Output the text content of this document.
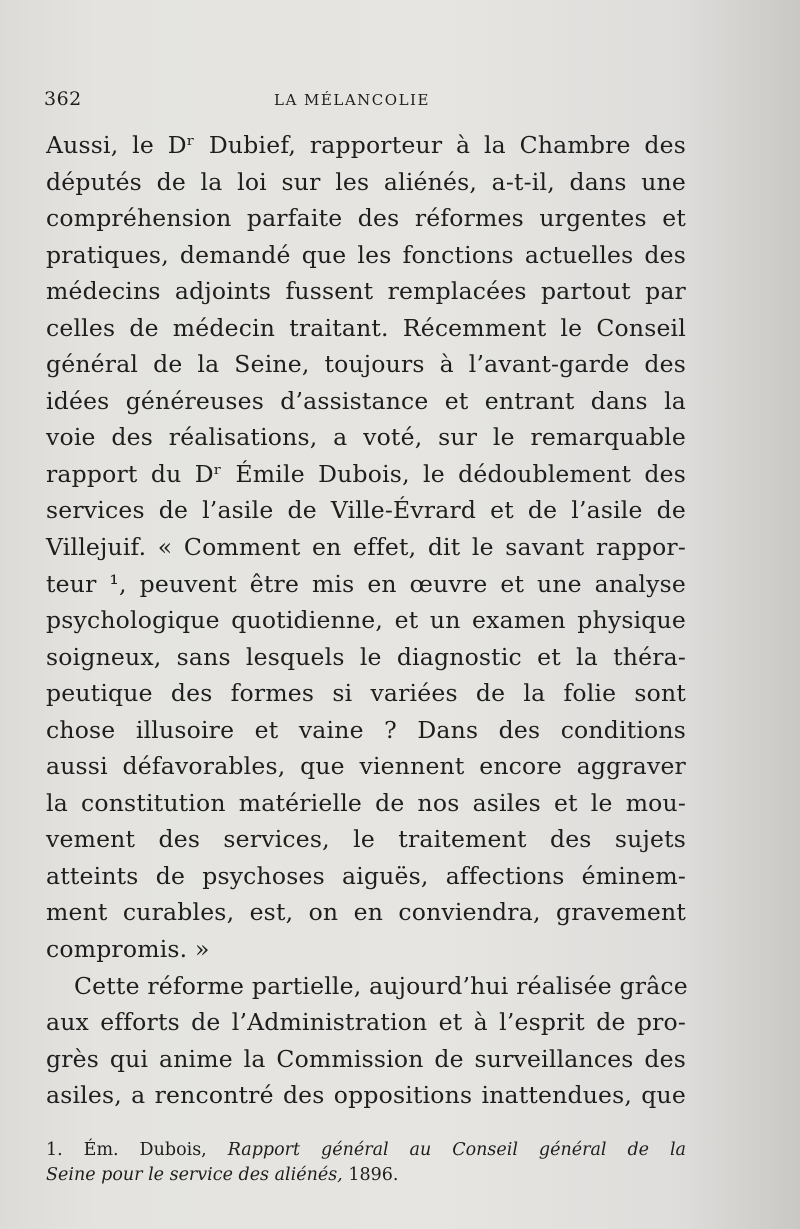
362	LA MÉLANCOLIE
Aussi, le Dʳ Dubief, rapporteur à la Chambre des
députés de la loi sur les aliénés, a-t-il, dans une
compréhension parfaite des réformes urgentes et
pratiques, demandé que les fonctions actuelles des
médecins adjoints fussent remplacées partout par
celles de médecin traitant. Récemment le Conseil
général de la Seine, toujours à l’avant-garde des
idées généreuses d’assistance et entrant dans la
voie des réalisations, a voté, sur le remarquable
rapport du Dʳ Émile Dubois, le dédoublement des
services de l’asile de Ville-Évrard et de l’asile de
Villejuif. « Comment en effet, dit le savant rappor-
teur ¹, peuvent être mis en œuvre et une analyse
psychologique quotidienne, et un examen physique
soigneux, sans lesquels le diagnostic et la théra-
peutique des formes si variées de la folie sont
chose illusoire et vaine ? Dans des conditions
aussi défavorables, que viennent encore aggraver
la constitution matérielle de nos asiles et le mou-
vement des services, le traitement des sujets
atteints de psychoses aiguës, affections éminem-
ment curables, est, on en conviendra, gravement
compromis. »
Cette réforme partielle, aujourd’hui réalisée grâce
aux efforts de l’Administration et à l’esprit de pro-
grès qui anime la Commission de surveillances des
asiles, a rencontré des oppositions inattendues, que
1. Ém. Dubois, Rapport général au Conseil général de la
Seine pour le service des aliénés, 1896.
